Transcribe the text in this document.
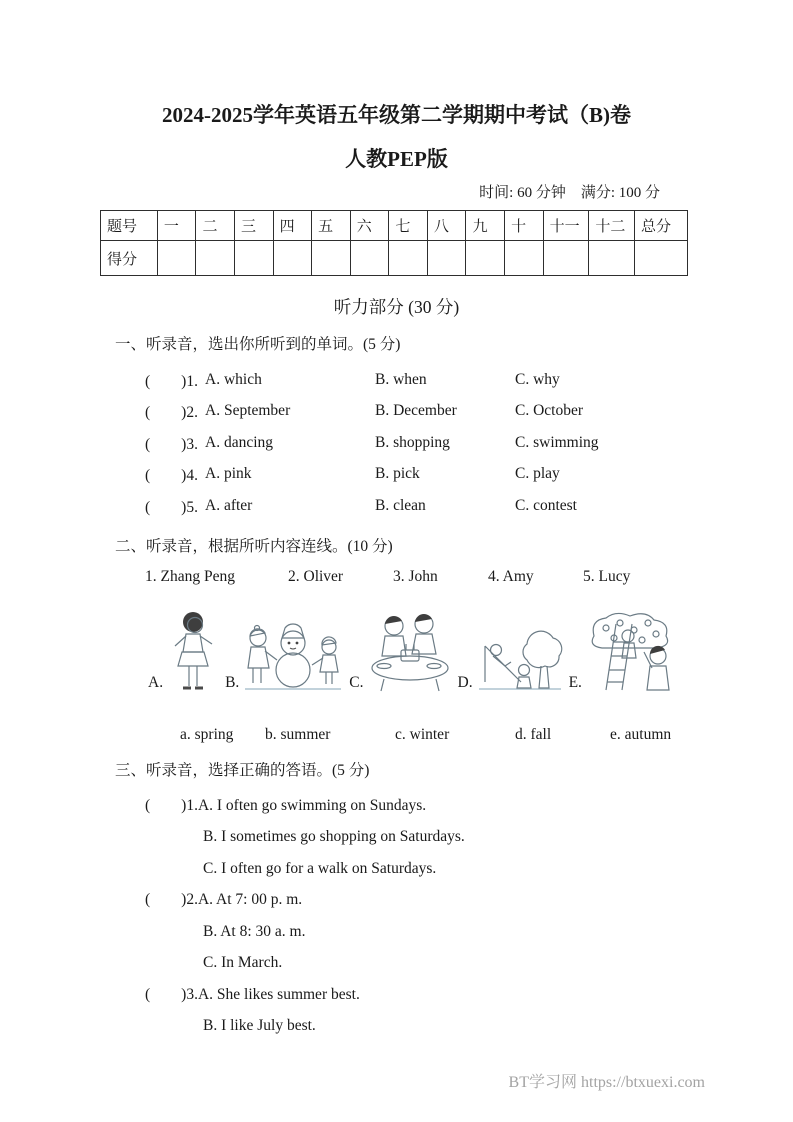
2024-2025学年英语五年级第二学期期中考试（B)卷
人教PEP版
时间: 60 分钟　满分: 100 分
题号	一	二	三	四	五	六	七	八	九	十	十一	十二	总分
得分													
听力部分 (30 分)
一、听录音，选出你所听到的单词。(5 分)
(　　)1. A. which	B. when	C. why
(　　)2. A. September	B. December	C. October
(　　)3. A. dancing	B. shopping	C. swimming
(　　)4. A. pink	B. pick	C. play
(　　)5. A. after	B. clean	C. contest
二、听录音，根据所听内容连线。(10 分)
1. Zhang Peng	2. Oliver	3. John	4. Amy	5. Lucy
A.	B.	C.	D.	E.
a. spring	b. summer	c. winter	d. fall	e. autumn
三、听录音，选择正确的答语。(5 分)
(　　)1.A. I often go swimming on Sundays.
B. I sometimes go shopping on Saturdays.
C. I often go for a walk on Saturdays.
(　　)2.A. At 7: 00 p. m.
B. At 8: 30 a. m.
C. In March.
(　　)3.A. She likes summer best.
B. I like July best.
BT学习网 https://btxuexi.com
